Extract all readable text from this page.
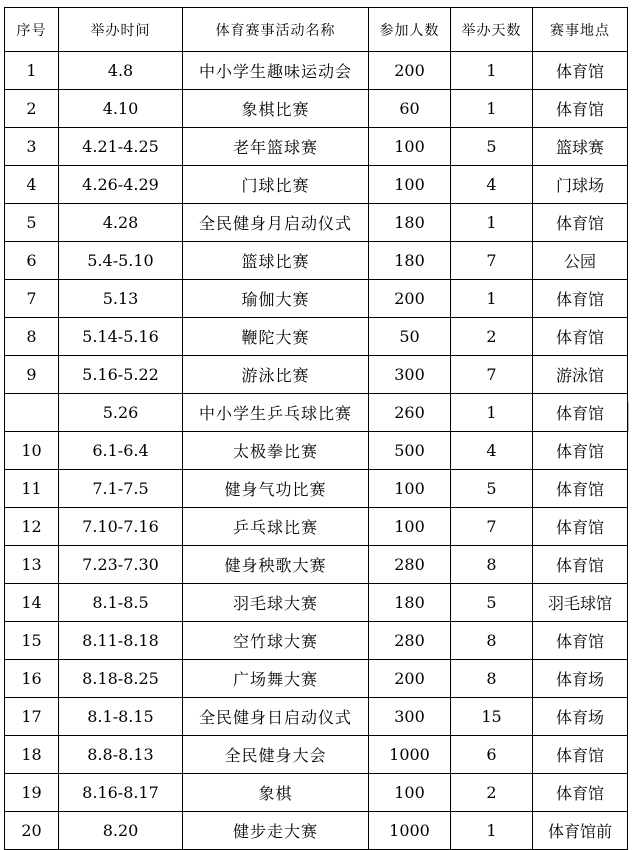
序号	举办时间	体育赛事活动名称	参加人数	举办天数	赛事地点
1	4.8	中小学生趣味运动会	200	1	体育馆
2	4.10	象棋比赛	60	1	体育馆
3	4.21-4.25	老年篮球赛	100	5	篮球赛
4	4.26-4.29	门球比赛	100	4	门球场
5	4.28	全民健身月启动仪式	180	1	体育馆
6	5.4-5.10	篮球比赛	180	7	公园
7	5.13	瑜伽大赛	200	1	体育馆
8	5.14-5.16	鞭陀大赛	50	2	体育馆
9	5.16-5.22	游泳比赛	300	7	游泳馆
	5.26	中小学生乒乓球比赛	260	1	体育馆
10	6.1-6.4	太极拳比赛	500	4	体育馆
11	7.1-7.5	健身气功比赛	100	5	体育馆
12	7.10-7.16	乒乓球比赛	100	7	体育馆
13	7.23-7.30	健身秧歌大赛	280	8	体育馆
14	8.1-8.5	羽毛球大赛	180	5	羽毛球馆
15	8.11-8.18	空竹球大赛	280	8	体育馆
16	8.18-8.25	广场舞大赛	200	8	体育场
17	8.1-8.15	全民健身日启动仪式	300	15	体育场
18	8.8-8.13	全民健身大会	1000	6	体育馆
19	8.16-8.17	象棋	100	2	体育馆
20	8.20	健步走大赛	1000	1	体育馆前
